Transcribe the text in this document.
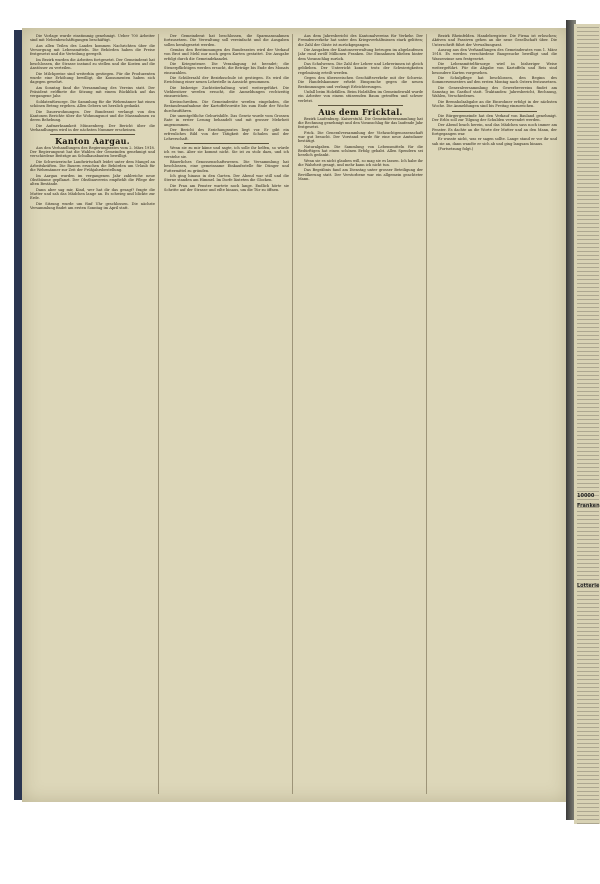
Die Vorlage wurde einstimmig genehmigt. Ueber 700 Arbeiter sind mit Nebenbeschäftigungen beschäftigt.

Aus allen Teilen des Landes kommen Nachrichten über die Versorgung mit Lebensmitteln. Die Behörden haben die Preise festgesetzt und die Verteilung geregelt.

Im Bezirk wurden die Arbeiten fortgesetzt. Der Gemeinderat hat beschlossen, die Strasse instand zu stellen und die Kosten auf die Anstösser zu verteilen.

Die Milchpreise sind weiterhin gestiegen. Für die Produzenten wurde eine Erhöhung bewilligt, die Konsumenten haben sich dagegen gewehrt.

Am Sonntag fand die Versammlung des Vereins statt. Der Präsident eröffnete die Sitzung mit einem Rückblick auf das vergangene Jahr.

Soldatenfürsorge. Die Sammlung für die Wehrmänner hat einen schönen Betrag ergeben. Allen Gebern sei herzlich gedankt.

Die Dauerwohnungen. Der Bundesrat verlangt von den Kantonen Berichte über die Wohnungsnot und die Massnahmen zu deren Behebung.

Die Aufmerksamkeit Münzenberg. Der Bericht über die Verhandlungen wird in der nächsten Nummer erscheinen.

Kanton Aargau.

Aus den Verhandlungen des Regierungsrates vom 2. März 1918. Der Regierungsrat hat die Wahlen der Gemeinden genehmigt und verschiedene Beiträge an Schulhausbauten bewilligt.

Die Schweizerische Landwirtschaft leidet unter dem Mangel an Arbeitskräften. Die Bauern ersuchen die Behörden um Urlaub für die Wehrmänner zur Zeit der Frühjahrsbestellung.

Im Aargau wurden im vergangenen Jahr zahlreiche neue Obstbäume gepflanzt. Der Obstbauverein empfiehlt die Pflege der alten Bestände.

Dann aber sag mir, Kind, wer hat dir das gesagt? fragte die Mutter und sah das Mädchen lange an. Es schwieg und blickte zur Erde.

Die Sitzung wurde um fünf Uhr geschlossen. Die nächste Versammlung findet am ersten Sonntag im April statt.

Der Gemeinderat hat beschlossen, die Sparmassnahmen fortzusetzen. Die Verwaltung soll vereinfacht und die Ausgaben sollen herabgesetzt werden.

Gemäss den Bestimmungen des Bundesrates wird der Verkauf von Brot und Mehl nur noch gegen Karten gestattet. Die Ausgabe erfolgt durch die Gemeindekanzlei.

Die Kriegssteuer. Die Veranlagung ist beendet; die Steuerpflichtigen werden ersucht, die Beträge bis Ende des Monats einzuzahlen.

Die Schülerzahl der Bezirksschule ist gestiegen. Es wird die Errichtung einer neuen Lehrstelle in Aussicht genommen.

Die bisherige Zuchtstierhaltung wird weitergeführt. Die Viehbesitzer werden ersucht, die Anmeldungen rechtzeitig einzureichen.

Kreisschreiben. Die Gemeinderäte werden eingeladen, die Bestandesaufnahme der Kartoffelvorräte bis zum Ende der Woche durchzuführen.

Die unentgeltliche Geburtshilfe. Das Gesetz wurde vom Grossen Rate in erster Lesung behandelt und mit grosser Mehrheit angenommen.

Der Bericht des Erziehungsrates liegt vor. Er gibt ein erfreuliches Bild von der Tätigkeit der Schulen und der Lehrerschaft.

Wenn sie zu mir käme und sagte, ich solle ihr helfen, so würde ich es tun. Aber sie kommt nicht. Sie ist zu stolz dazu, und ich verstehe sie.

Bäuerliches Genossenschaftswesen. Die Versammlung hat beschlossen, eine gemeinsame Einkaufsstelle für Dünger und Futtermittel zu gründen.

Ich ging hinaus in den Garten. Der Abend war still und die Sterne standen am Himmel. Im Dorfe läuteten die Glocken.

Die Frau am Fenster wartete noch lange. Endlich hörte sie Schritte auf der Strasse und eilte hinaus, um die Tür zu öffnen.

Aus dem Jahresbericht des Kantonalvereins für Verkehr. Der Fremdenverkehr hat unter den Kriegsverhältnissen stark gelitten; die Zahl der Gäste ist zurückgegangen.

Die Ausgaben der Kantonsverwaltung betrugen im abgelaufenen Jahr rund zwölf Millionen Franken. Die Einnahmen blieben hinter dem Voranschlag zurück.

Das Schulwesen. Die Zahl der Lehrer und Lehrerinnen ist gleich geblieben. Der Unterricht konnte trotz der Schwierigkeiten regelmässig erteilt werden.

Gegen den überseeischen Geschäftsverkehr mit der Schweiz. Die Handelskammer erhebt Einsprache gegen die neuen Bestimmungen und verlangt Erleichterungen.

Unfall beim Holzfällen. Beim Holzfällen im Gemeindewald wurde ein Arbeiter von einem stürzenden Baum getroffen und schwer verletzt.

Aus dem Fricktal.

Bezirk Laufenburg. Kaiserstuhl. Die Gemeindeversammlung hat die Rechnung genehmigt und den Voranschlag für das laufende Jahr festgesetzt.

Frick. Die Generalversammlung der Viehzuchtgenossenschaft war gut besucht. Der Vorstand wurde für eine neue Amtsdauer bestätigt.

Naturalgaben. Die Sammlung von Lebensmitteln für die Bedürftigen hat einen schönen Erfolg gehabt. Allen Spendern sei herzlich gedankt.

Wenn sie es nicht glauben will, so mag sie es lassen. Ich habe ihr die Wahrheit gesagt, und mehr kann ich nicht tun.

Das Begräbnis fand am Dienstag unter grosser Beteiligung der Bevölkerung statt. Der Verstorbene war ein allgemein geachteter Mann.

Bezirk Rheinfelden. Handelsregister. Die Firma ist erloschen; Aktiven und Passiven gehen an die neue Gesellschaft über. Die Unterschrift führt der Verwaltungsrat.

Auszug aus den Verhandlungen des Gemeinderates vom 1. März 1918. Es werden verschiedene Baugesuche bewilligt und die Wasserzinse neu festgesetzt.

Die Lebensmittelfürsorge wird in bisheriger Weise weitergeführt. Für die Abgabe von Kartoffeln und Reis sind besondere Karten vorgesehen.

Die Schulpflege hat beschlossen, den Beginn des Sommersemesters auf den ersten Montag nach Ostern festzusetzen.

Die Generalversammlung des Gewerbevereins findet am Samstag im Gasthof statt. Traktanden: Jahresbericht, Rechnung, Wahlen, Verschiedenes.

Die Brennholzabgabe an die Einwohner erfolgt in der nächsten Woche. Die Anmeldungen sind bis Freitag einzureichen.

Die Bürgergemeinde hat den Verkauf von Bauland genehmigt. Der Erlös soll zur Tilgung der Schulden verwendet werden.

Der Abend brach herein, und das Mädchen sass noch immer am Fenster. Es dachte an die Worte der Mutter und an den Mann, der fortgegangen war.

Er wusste nicht, was er sagen sollte. Lange stand er vor ihr und sah sie an, dann wandte er sich ab und ging langsam hinaus.

(Fortsetzung folgt.)

10000
Franken
Lotterie
